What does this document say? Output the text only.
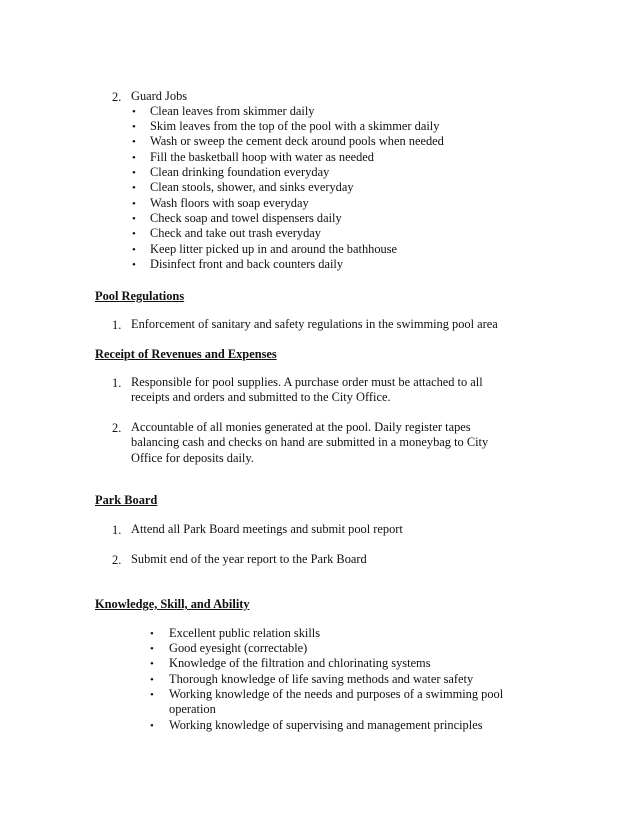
2. Guard Jobs
• Clean leaves from skimmer daily
• Skim leaves from the top of the pool with a skimmer daily
• Wash or sweep the cement deck around pools when needed
• Fill the basketball hoop with water as needed
• Clean drinking foundation everyday
• Clean stools, shower, and sinks everyday
• Wash floors with soap everyday
• Check soap and towel dispensers daily
• Check and take out trash everyday
• Keep litter picked up in and around the bathhouse
• Disinfect front and back counters daily
Pool Regulations
1. Enforcement of sanitary and safety regulations in the swimming pool area
Receipt of Revenues and Expenses
1. Responsible for pool supplies. A purchase order must be attached to all
receipts and orders and submitted to the City Office.
2. Accountable of all monies generated at the pool. Daily register tapes
balancing cash and checks on hand are submitted in a moneybag to City
Office for deposits daily.
Park Board
1. Attend all Park Board meetings and submit pool report
2. Submit end of the year report to the Park Board
Knowledge, Skill, and Ability
• Excellent public relation skills
• Good eyesight (correctable)
• Knowledge of the filtration and chlorinating systems
• Thorough knowledge of life saving methods and water safety
• Working knowledge of the needs and purposes of a swimming pool
operation
• Working knowledge of supervising and management principles
